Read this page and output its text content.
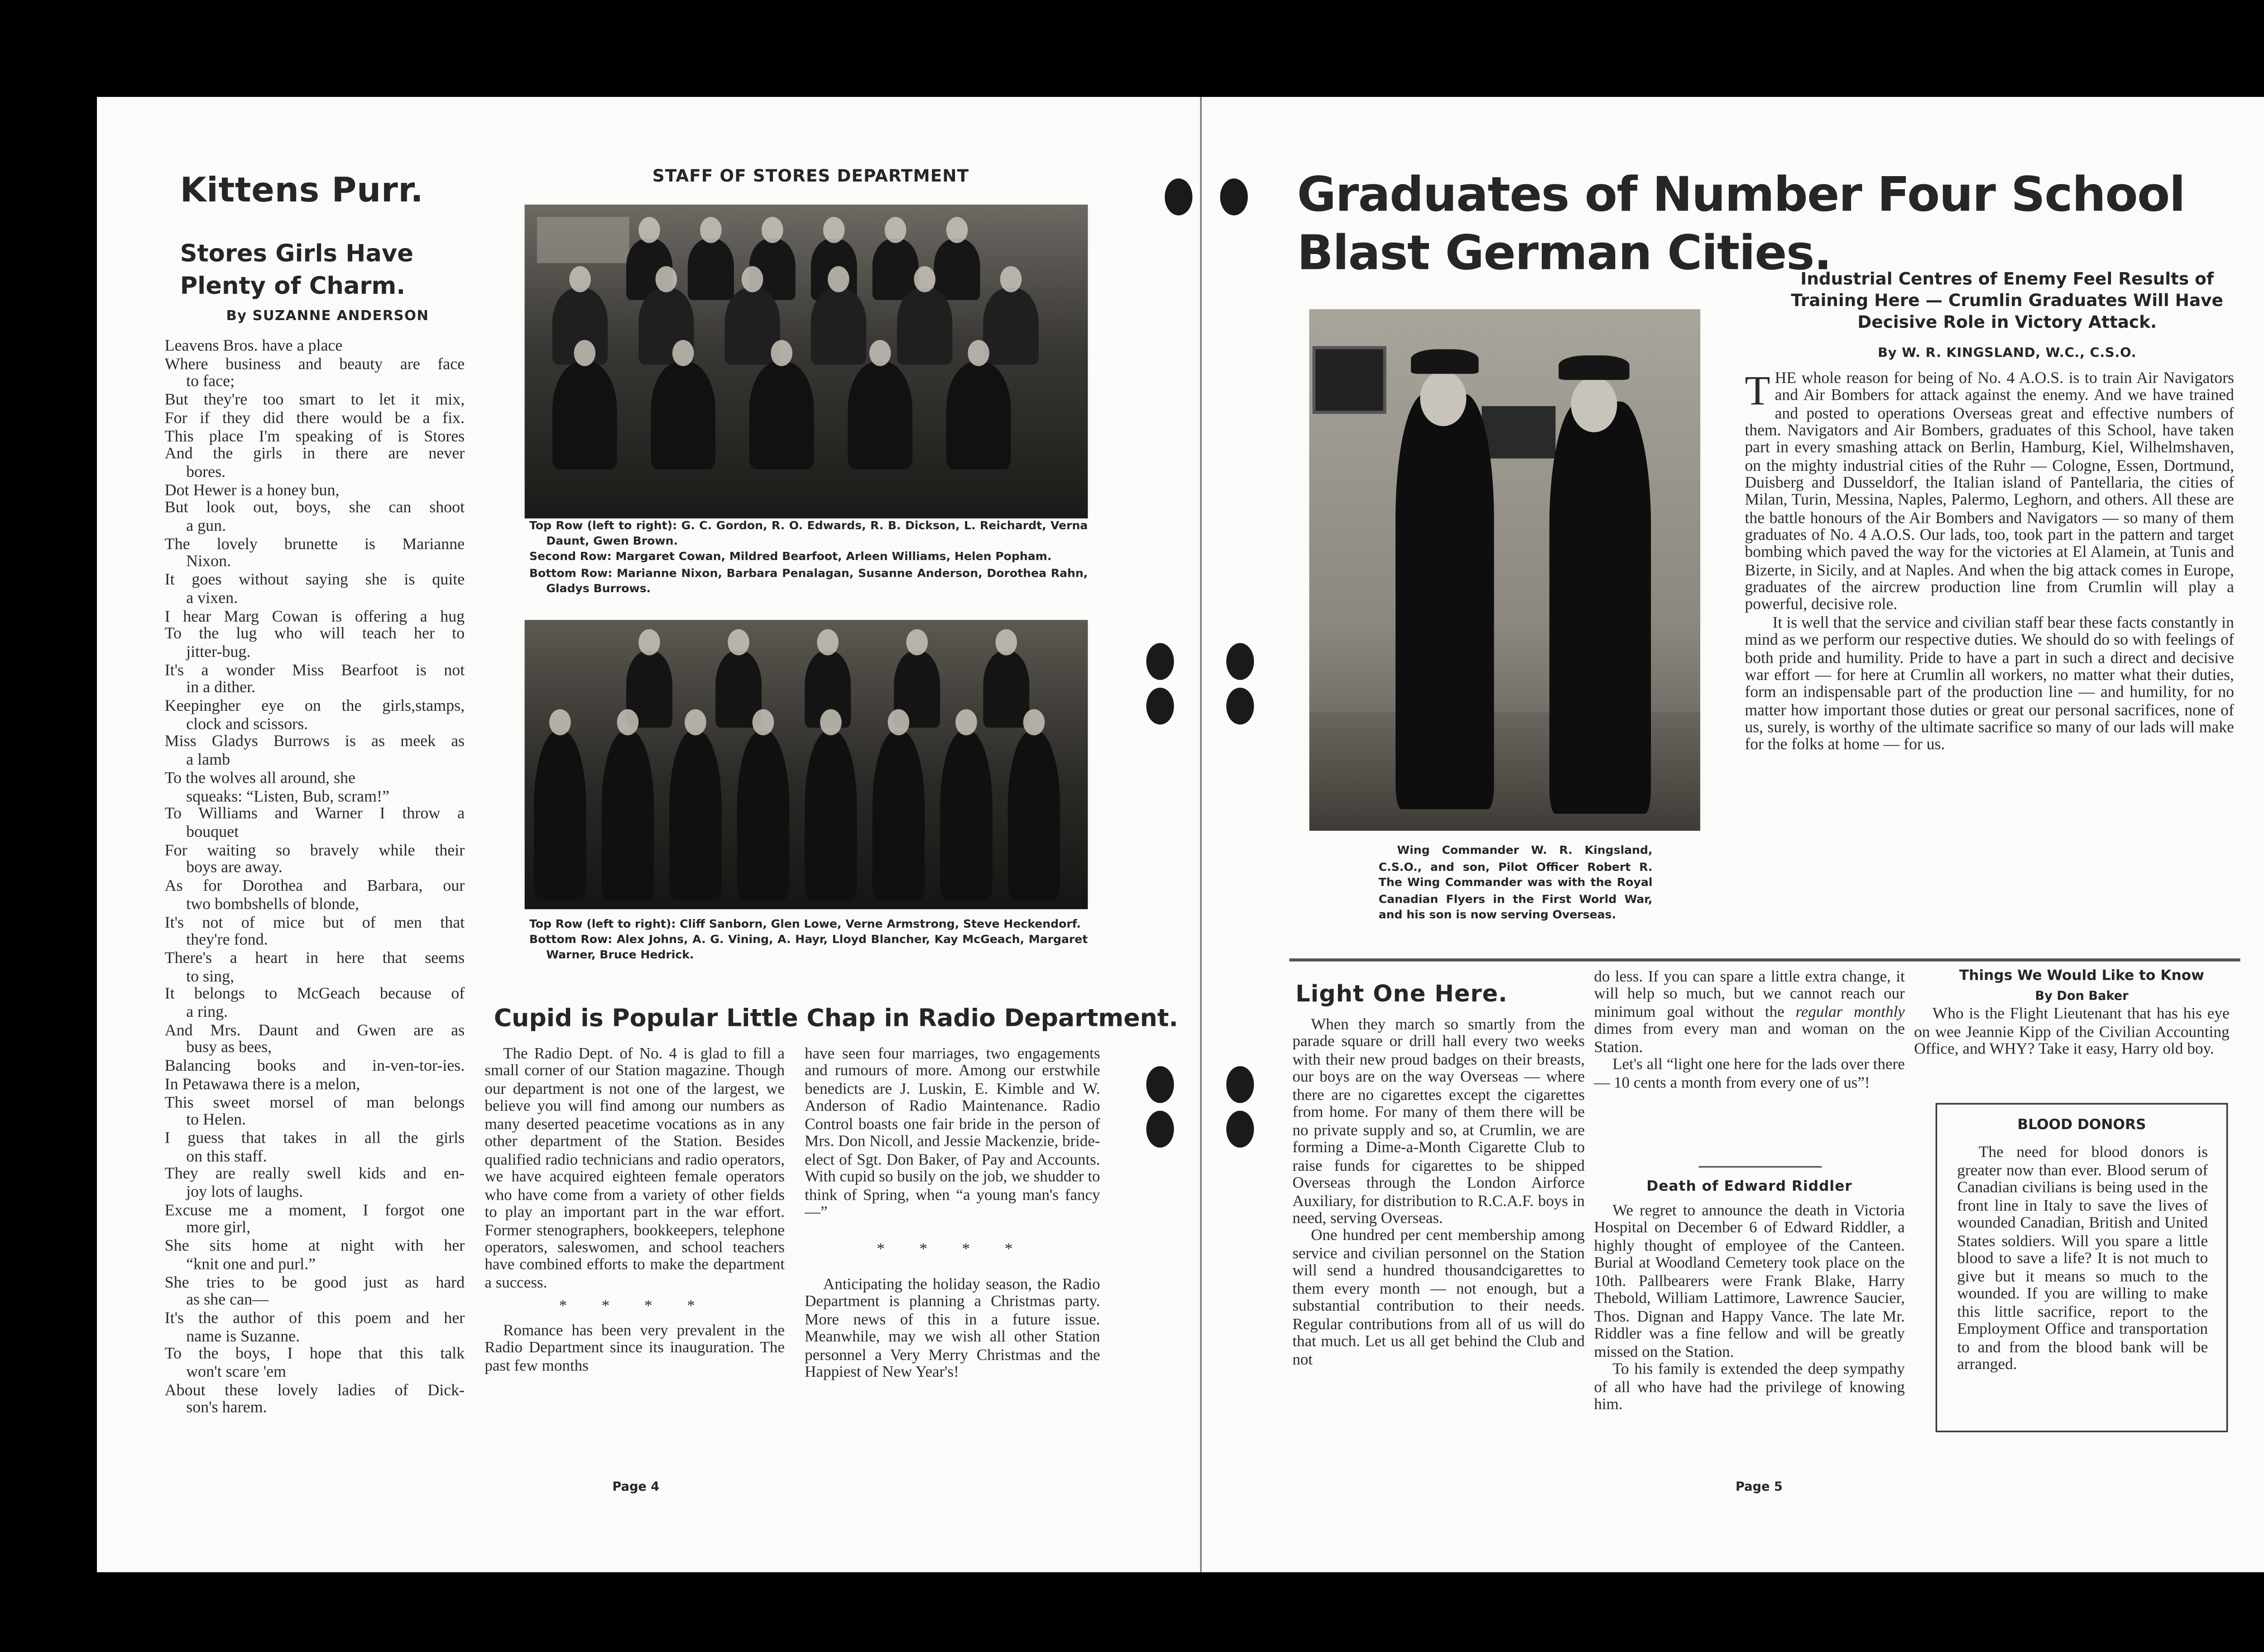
Kittens Purr.
Stores Girls Have Plenty of Charm.
By SUZANNE ANDERSON
Leavens Bros. have a place
Where business and beauty are face
to face;
But they're too smart to let it mix,
For if they did there would be a fix.
This place I'm speaking of is Stores
And the girls in there are never
bores.
Dot Hewer is a honey bun,
But look out, boys, she can shoot
a gun.
The lovely brunette is Marianne
Nixon.
It goes without saying she is quite
a vixen.
I hear Marg Cowan is offering a hug
To the lug who will teach her to
jitter-bug.
It's a wonder Miss Bearfoot is not
in a dither.
Keepingher eye on the girls,stamps,
clock and scissors.
Miss Gladys Burrows is as meek as
a lamb
To the wolves all around, she
squeaks: “Listen, Bub, scram!”
To Williams and Warner I throw a
bouquet
For waiting so bravely while their
boys are away.
As for Dorothea and Barbara, our
two bombshells of blonde,
It's not of mice but of men that
they're fond.
There's a heart in here that seems
to sing,
It belongs to McGeach because of
a ring.
And Mrs. Daunt and Gwen are as
busy as bees,
Balancing books and in-ven-tor-ies.
In Petawawa there is a melon,
This sweet morsel of man belongs
to Helen.
I guess that takes in all the girls
on this staff.
They are really swell kids and en-
joy lots of laughs.
Excuse me a moment, I forgot one
more girl,
She sits home at night with her
“knit one and purl.”
She tries to be good just as hard
as she can—
It's the author of this poem and her
name is Suzanne.
To the boys, I hope that this talk
won't scare 'em
About these lovely ladies of Dick-
son's harem.
STAFF OF STORES DEPARTMENT
Top Row (left to right): G. C. Gordon, R. O. Edwards, R. B. Dickson, L. Reichardt, Verna Daunt, Gwen Brown.
Second Row: Margaret Cowan, Mildred Bearfoot, Arleen Williams, Helen Popham.
Bottom Row: Marianne Nixon, Barbara Penalagan, Susanne Anderson, Dorothea Rahn, Gladys Burrows.
Top Row (left to right): Cliff Sanborn, Glen Lowe, Verne Armstrong, Steve Heckendorf.
Bottom Row: Alex Johns, A. G. Vining, A. Hayr, Lloyd Blancher, Kay McGeach, Margaret Warner, Bruce Hedrick.
Cupid is Popular Little Chap in Radio Department.

The Radio Dept. of No. 4 is glad to fill a small corner of our Station magazine. Though our department is not one of the largest, we believe you will find among our numbers as many deserted peacetime vocations as in any other department of the Station. Besides qualified radio technicians and radio operators, we have acquired eighteen female operators who have come from a variety of other fields to play an important part in the war effort. Former stenographers, bookkeepers, telephone operators, saleswomen, and school teachers have combined efforts to make the department a success.

* * * *

Romance has been very prevalent in the Radio Department since its inauguration. The past few months

have seen four marriages, two engagements and rumours of more. Among our erstwhile benedicts are J. Luskin, E. Kimble and W. Anderson of Radio Maintenance. Radio Control boasts one fair bride in the person of Mrs. Don Nicoll, and Jessie Mackenzie, bride-elect of Sgt. Don Baker, of Pay and Accounts. With cupid so busily on the job, we shudder to think of Spring, when “a young man's fancy—”

* * * *

Anticipating the holiday season, the Radio Department is planning a Christmas party. More news of this in a future issue. Meanwhile, may we wish all other Station personnel a Very Merry Christmas and the Happiest of New Year's!

Page 4
Graduates of Number Four School
Blast German Cities.
Industrial Centres of Enemy Feel Results of Training Here — Crumlin Graduates Will Have Decisive Role in Victory Attack.
By W. R. KINGSLAND, W.C., C.S.O.
Wing Commander W. R. Kingsland, C.S.O., and son, Pilot Officer Robert R. The Wing Commander was with the Royal Canadian Flyers in the First World War, and his son is now serving Overseas.

THE whole reason for being of No. 4 A.O.S. is to train Air Navigators and Air Bombers for attack against the enemy. And we have trained and posted to operations Overseas great and effective numbers of them. Navigators and Air Bombers, graduates of this School, have taken part in every smashing attack on Berlin, Hamburg, Kiel, Wilhelmshaven, on the mighty industrial cities of the Ruhr — Cologne, Essen, Dortmund, Duisberg and Dusseldorf, the Italian island of Pantellaria, the cities of Milan, Turin, Messina, Naples, Palermo, Leghorn, and others. All these are the battle honours of the Air Bombers and Navigators — so many of them graduates of No. 4 A.O.S. Our lads, too, took part in the pattern and target bombing which paved the way for the victories at El Alamein, at Tunis and Bizerte, in Sicily, and at Naples. And when the big attack comes in Europe, graduates of the aircrew production line from Crumlin will play a powerful, decisive role.

It is well that the service and civilian staff bear these facts constantly in mind as we perform our respective duties. We should do so with feelings of both pride and humility. Pride to have a part in such a direct and decisive war effort — for here at Crumlin all workers, no matter what their duties, form an indispensable part of the production line — and humility, for no matter how important those duties or great our personal sacrifices, none of us, surely, is worthy of the ultimate sacrifice so many of our lads will make for the folks at home — for us.

Light One Here.

When they march so smartly from the parade square or drill hall every two weeks with their new proud badges on their breasts, our boys are on the way Overseas — where there are no cigarettes except the cigarettes from home. For many of them there will be no private supply and so, at Crumlin, we are forming a Dime-a-Month Cigarette Club to raise funds for cigarettes to be shipped Overseas through the London Airforce Auxiliary, for distribution to R.C.A.F. boys in need, serving Overseas.

One hundred per cent membership among service and civilian personnel on the Station will send a hundred thousandcigarettes to them every month — not enough, but a substantial contribution to their needs. Regular contributions from all of us will do that much. Let us all get behind the Club and not

do less. If you can spare a little extra change, it will help so much, but we cannot reach our minimum goal without the regular monthly dimes from every man and woman on the Station.

Let's all “light one here for the lads over there — 10 cents a month from every one of us”!

Death of Edward Riddler

We regret to announce the death in Victoria Hospital on December 6 of Edward Riddler, a highly thought of employee of the Canteen. Burial at Woodland Cemetery took place on the 10th. Pallbearers were Frank Blake, Harry Thebold, William Lattimore, Lawrence Saucier, Thos. Dignan and Happy Vance. The late Mr. Riddler was a fine fellow and will be greatly missed on the Station.

To his family is extended the deep sympathy of all who have had the privilege of knowing him.

Things We Would Like to Know
By Don Baker

Who is the Flight Lieutenant that has his eye on wee Jeannie Kipp of the Civilian Accounting Office, and WHY? Take it easy, Harry old boy.

BLOOD DONORS

The need for blood donors is greater now than ever. Blood serum of Canadian civilians is being used in the front line in Italy to save the lives of wounded Canadian, British and United States soldiers. Will you spare a little blood to save a life? It is not much to give but it means so much to the wounded. If you are willing to make this little sacrifice, report to the Employment Office and transportation to and from the blood bank will be arranged.

Page 5
